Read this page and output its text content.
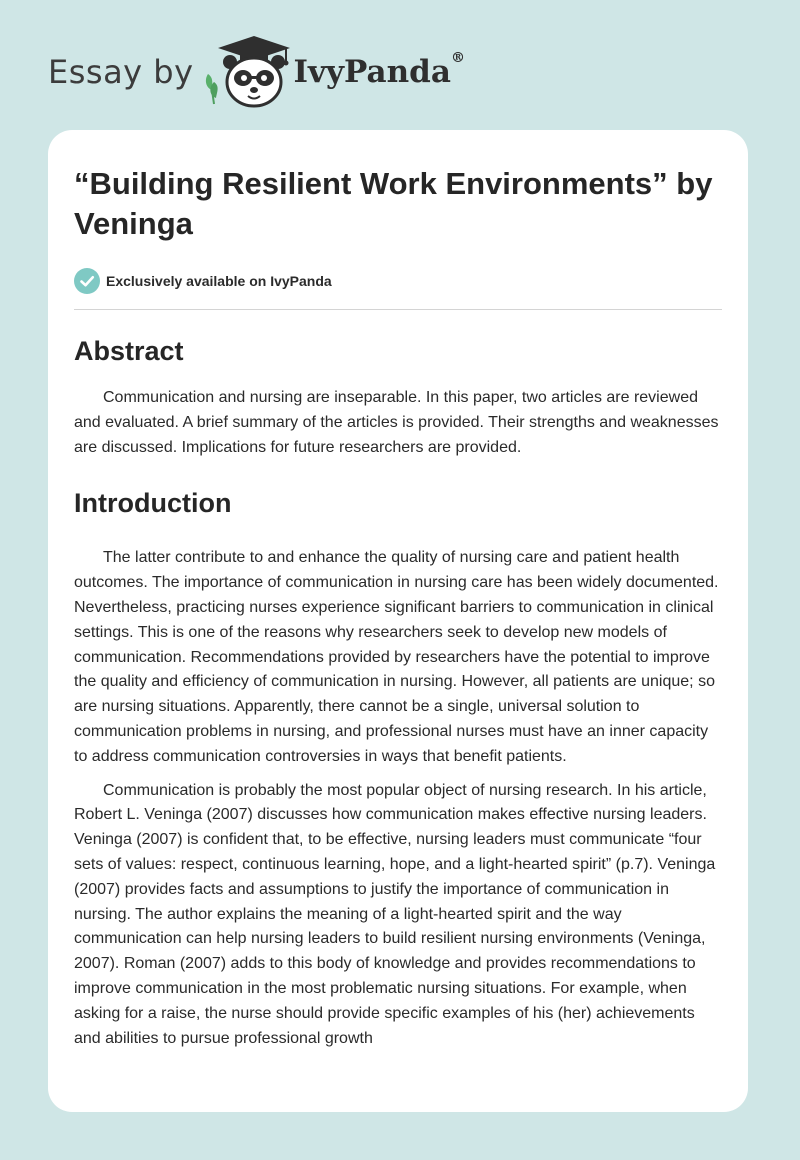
Essay by	IvyPanda®
“Building Resilient Work Environments” by Veninga
Exclusively available on IvyPanda
Abstract

Communication and nursing are inseparable. In this paper, two articles are reviewed and evaluated. A brief summary of the articles is provided. Their strengths and weaknesses are discussed. Implications for future researchers are provided.

Introduction

The latter contribute to and enhance the quality of nursing care and patient health outcomes. The importance of communication in nursing care has been widely documented. Nevertheless, practicing nurses experience significant barriers to communication in clinical settings. This is one of the reasons why researchers seek to develop new models of communication. Recommendations provided by researchers have the potential to improve the quality and efficiency of communication in nursing. However, all patients are unique; so are nursing situations. Apparently, there cannot be a single, universal solution to communication problems in nursing, and professional nurses must have an inner capacity to address communication controversies in ways that benefit patients.

Communication is probably the most popular object of nursing research. In his article, Robert L. Veninga (2007) discusses how communication makes effective nursing leaders. Veninga (2007) is confident that, to be effective, nursing leaders must communicate “four sets of values: respect, continuous learning, hope, and a light-hearted spirit” (p.7). Veninga (2007) provides facts and assumptions to justify the importance of communication in nursing. The author explains the meaning of a light-hearted spirit and the way communication can help nursing leaders to build resilient nursing environments (Veninga, 2007). Roman (2007) adds to this body of knowledge and provides recommendations to improve communication in the most problematic nursing situations. For example, when asking for a raise, the nurse should provide specific examples of his (her) achievements and abilities to pursue professional growth
